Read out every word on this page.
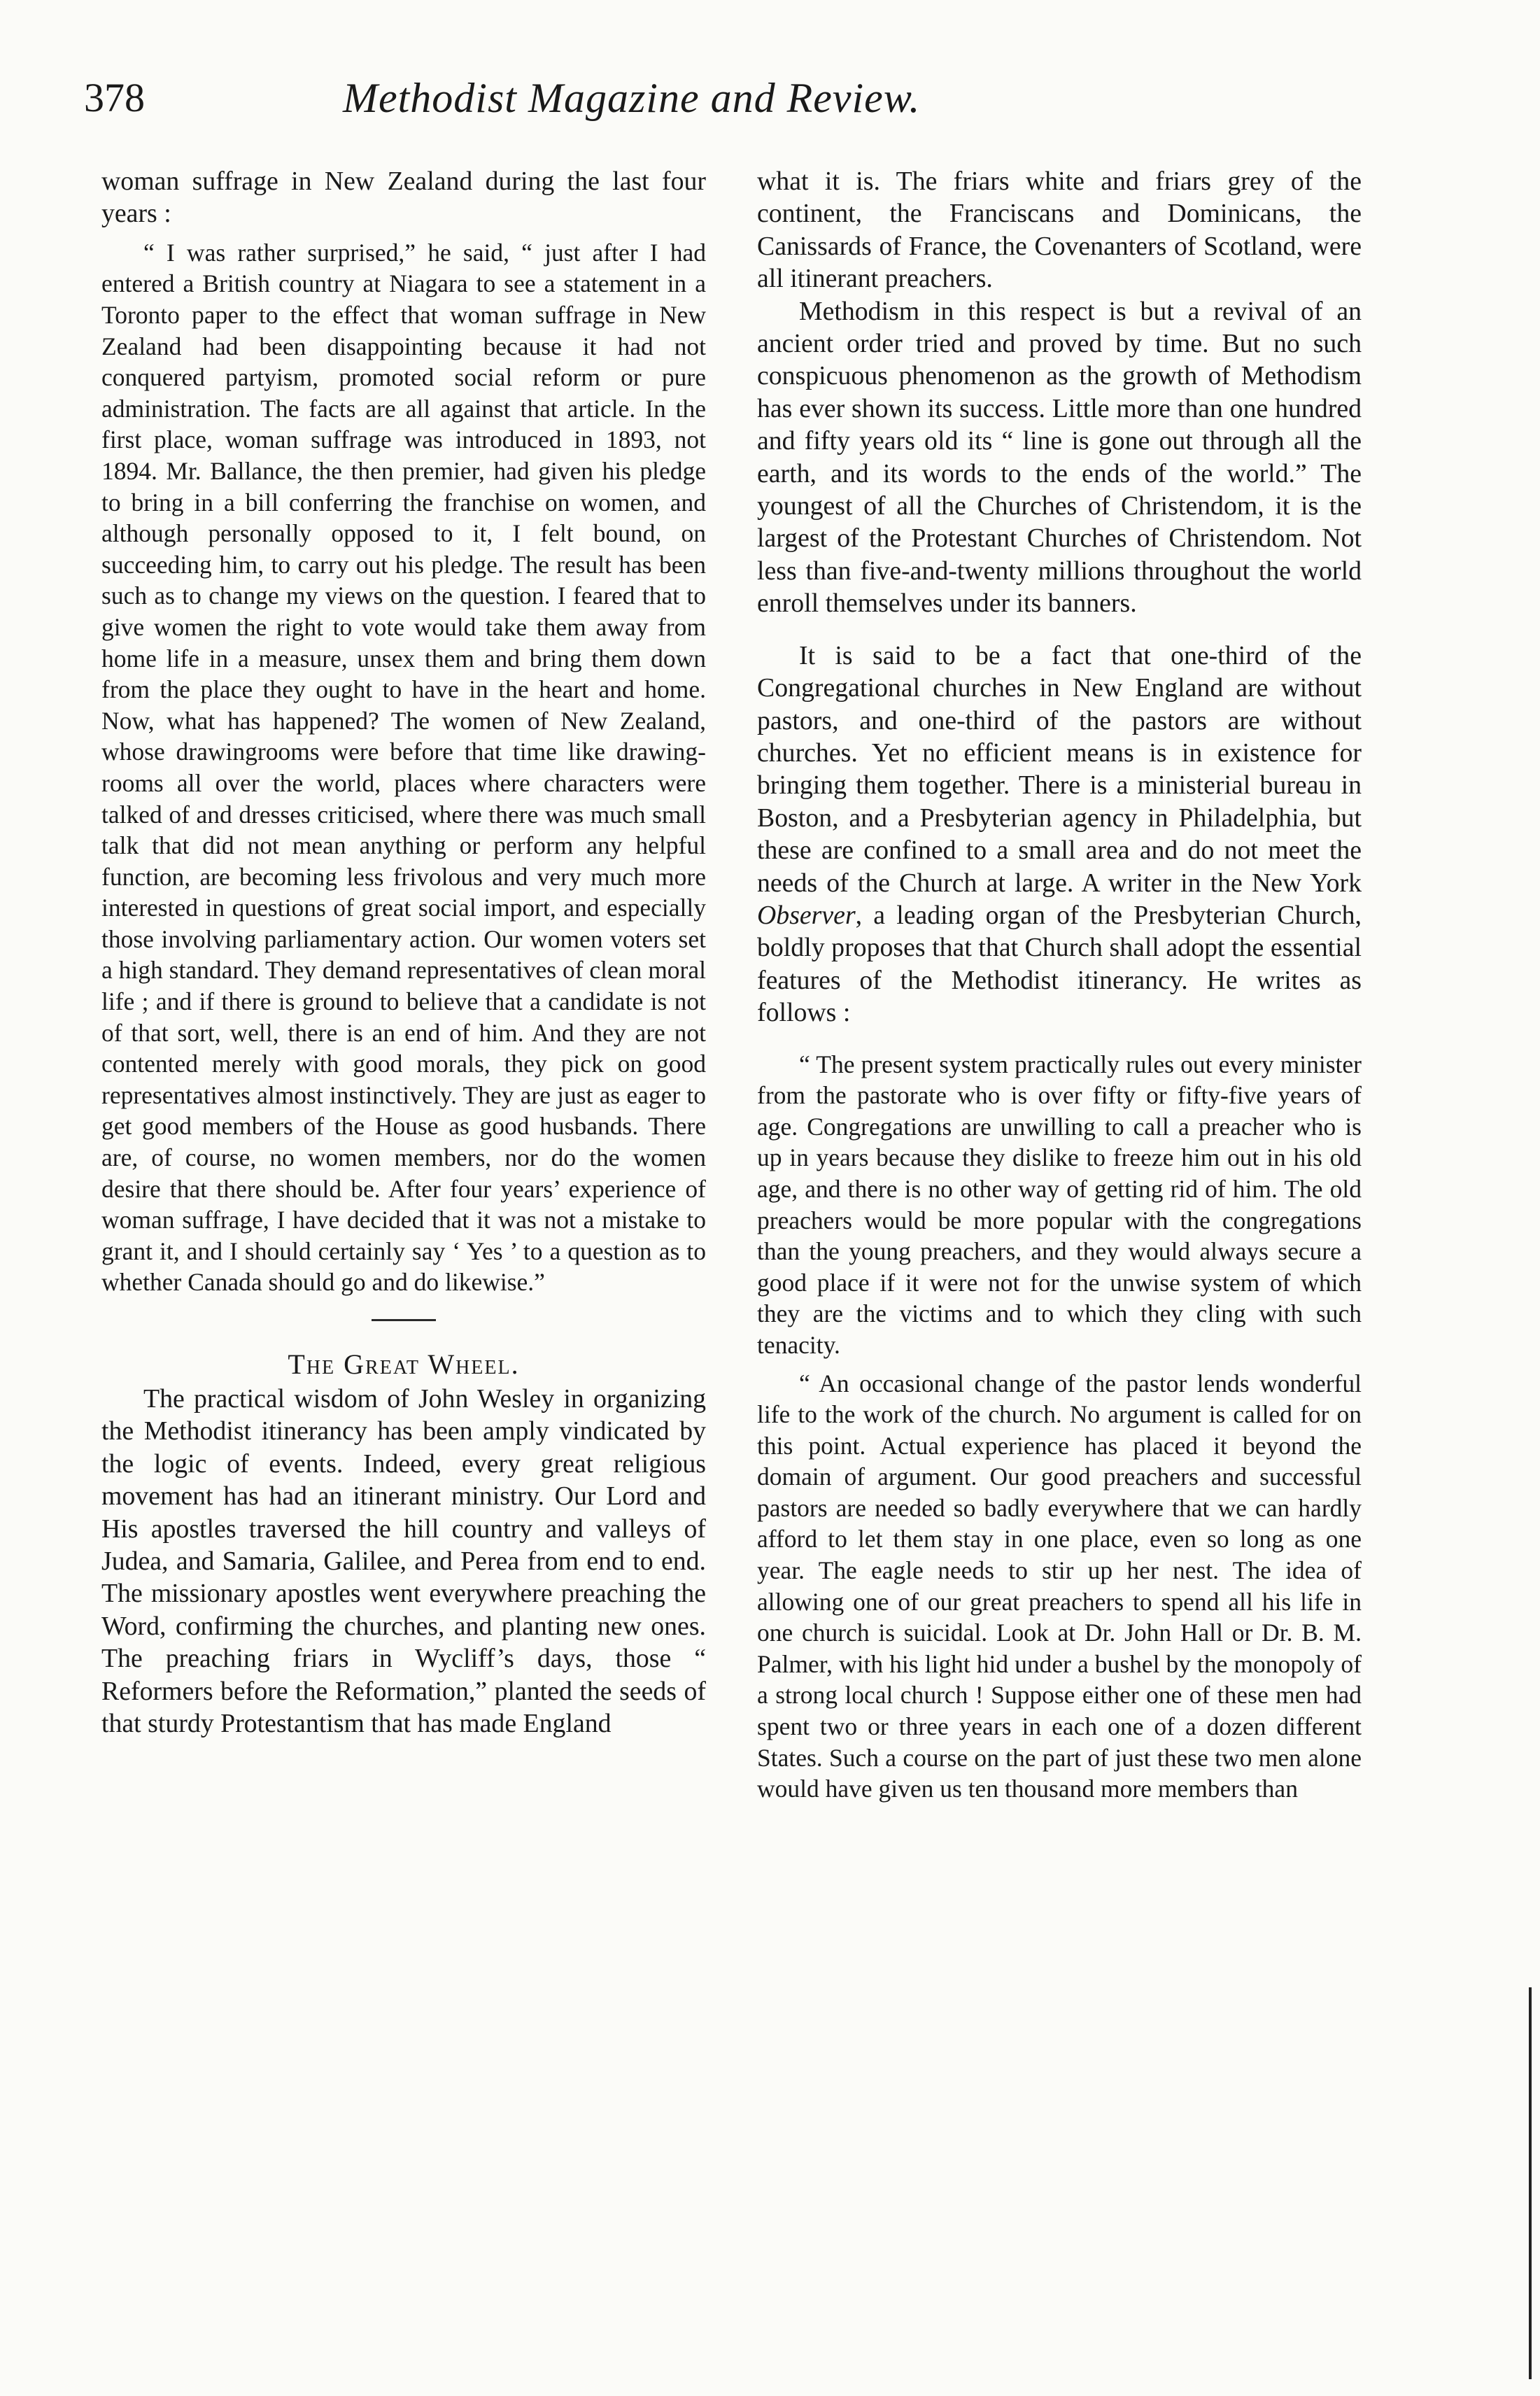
378	Methodist Magazine and Review.

woman suffrage in New Zealand during the last four years :

“ I was rather surprised,” he said, “ just after I had entered a British country at Niagara to see a statement in a Toronto paper to the effect that woman suffrage in New Zealand had been disappointing because it had not conquered partyism, promoted social reform or pure administration. The facts are all against that article. In the first place, woman suffrage was introduced in 1893, not 1894. Mr. Ballance, the then premier, had given his pledge to bring in a bill conferring the franchise on women, and although personally opposed to it, I felt bound, on succeeding him, to carry out his pledge. The result has been such as to change my views on the question. I feared that to give women the right to vote would take them away from home life in a measure, unsex them and bring them down from the place they ought to have in the heart and home. Now, what has happened? The women of New Zealand, whose drawingrooms were before that time like drawingrooms all over the world, places where characters were talked of and dresses criticised, where there was much small talk that did not mean anything or perform any helpful function, are becoming less frivolous and very much more interested in questions of great social import, and especially those involving parliamentary action. Our women voters set a high standard. They demand representatives of clean moral life ; and if there is ground to believe that a candidate is not of that sort, well, there is an end of him. And they are not contented merely with good morals, they pick on good representatives almost instinctively. They are just as eager to get good members of the House as good husbands. There are, of course, no women members, nor do the women desire that there should be. After four years’ experience of woman suffrage, I have decided that it was not a mistake to grant it, and I should certainly say ‘ Yes ’ to a question as to whether Canada should go and do likewise.”

The Great Wheel.

The practical wisdom of John Wesley in organizing the Methodist itinerancy has been amply vindicated by the logic of events. Indeed, every great religious movement has had an itinerant ministry. Our Lord and His apostles traversed the hill country and valleys of Judea, and Samaria, Galilee, and Perea from end to end. The missionary apostles went everywhere preaching the Word, confirming the churches, and planting new ones. The preaching friars in Wycliff’s days, those “ Reformers before the Reformation,” planted the seeds of that sturdy Protestantism that has made England

what it is. The friars white and friars grey of the continent, the Franciscans and Dominicans, the Canissards of France, the Covenanters of Scotland, were all itinerant preachers.

Methodism in this respect is but a revival of an ancient order tried and proved by time. But no such conspicuous phenomenon as the growth of Methodism has ever shown its success. Little more than one hundred and fifty years old its “ line is gone out through all the earth, and its words to the ends of the world.” The youngest of all the Churches of Christendom, it is the largest of the Protestant Churches of Christendom. Not less than five-and-twenty millions throughout the world enroll themselves under its banners.

It is said to be a fact that one-third of the Congregational churches in New England are without pastors, and one-third of the pastors are without churches. Yet no efficient means is in existence for bringing them together. There is a ministerial bureau in Boston, and a Presbyterian agency in Philadelphia, but these are confined to a small area and do not meet the needs of the Church at large. A writer in the New York Observer, a leading organ of the Presbyterian Church, boldly proposes that that Church shall adopt the essential features of the Methodist itinerancy. He writes as follows :

“ The present system practically rules out every minister from the pastorate who is over fifty or fifty-five years of age. Congregations are unwilling to call a preacher who is up in years because they dislike to freeze him out in his old age, and there is no other way of getting rid of him. The old preachers would be more popular with the congregations than the young preachers, and they would always secure a good place if it were not for the unwise system of which they are the victims and to which they cling with such tenacity.

“ An occasional change of the pastor lends wonderful life to the work of the church. No argument is called for on this point. Actual experience has placed it beyond the domain of argument. Our good preachers and successful pastors are needed so badly everywhere that we can hardly afford to let them stay in one place, even so long as one year. The eagle needs to stir up her nest. The idea of allowing one of our great preachers to spend all his life in one church is suicidal. Look at Dr. John Hall or Dr. B. M. Palmer, with his light hid under a bushel by the monopoly of a strong local church ! Suppose either one of these men had spent two or three years in each one of a dozen different States. Such a course on the part of just these two men alone would have given us ten thousand more members than
